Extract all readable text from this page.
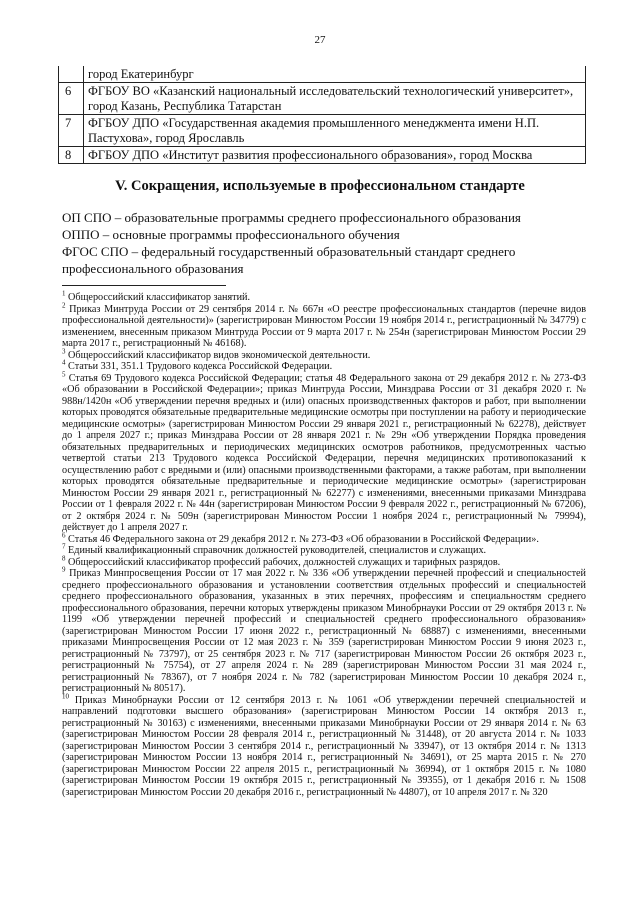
27
	город Екатеринбург
6	ФГБОУ ВО «Казанский национальный исследовательский технологический университет», город Казань, Республика Татарстан
7	ФГБОУ ДПО «Государственная академия промышленного менеджмента имени Н.П. Пастухова», город Ярославль
8	ФГБОУ ДПО «Институт развития профессионального образования», город Москва
V. Сокращения, используемые в профессиональном стандарте

ОП СПО – образовательные программы среднего профессионального образования

ОППО – основные программы профессионального обучения

ФГОС СПО – федеральный государственный образовательный стандарт среднего профессионального образования

$^1$ Общероссийский классификатор занятий.

$^2$ Приказ Минтруда России от 29 сентября 2014 г. № 667н «О реестре профессиональных стандартов (перечне видов профессиональной деятельности)» (зарегистрирован Минюстом России 19 ноября 2014 г., регистрационный № 34779) с изменением, внесенным приказом Минтруда России от 9 марта 2017 г. № 254н (зарегистрирован Минюстом России 29 марта 2017 г., регистрационный № 46168).

$^3$ Общероссийский классификатор видов экономической деятельности.

$^4$ Статьи 331, 351.1 Трудового кодекса Российской Федерации.

$^5$ Статья 69 Трудового кодекса Российской Федерации; статья 48 Федерального закона от 29 декабря 2012 г. № 273-ФЗ «Об образовании в Российской Федерации»; приказ Минтруда России, Минздрава России от 31 декабря 2020 г. № 988н/1420н «Об утверждении перечня вредных и (или) опасных производственных факторов и работ, при выполнении которых проводятся обязательные предварительные медицинские осмотры при поступлении на работу и периодические медицинские осмотры» (зарегистрирован Минюстом России 29 января 2021 г., регистрационный № 62278), действует до 1 апреля 2027 г.; приказ Минздрава России от 28 января 2021 г. № 29н «Об утверждении Порядка проведения обязательных предварительных и периодических медицинских осмотров работников, предусмотренных частью четвертой статьи 213 Трудового кодекса Российской Федерации, перечня медицинских противопоказаний к осуществлению работ с вредными и (или) опасными производственными факторами, а также работам, при выполнении которых проводятся обязательные предварительные и периодические медицинские осмотры» (зарегистрирован Минюстом России 29 января 2021 г., регистрационный № 62277) с изменениями, внесенными приказами Минздрава России от 1 февраля 2022 г. № 44н (зарегистрирован Минюстом России 9 февраля 2022 г., регистрационный № 67206), от 2 октября 2024 г. № 509н (зарегистрирован Минюстом России 1 ноября 2024 г., регистрационный № 79994), действует до 1 апреля 2027 г.

$^6$ Статья 46 Федерального закона от 29 декабря 2012 г. № 273-ФЗ «Об образовании в Российской Федерации».

$^7$ Единый квалификационный справочник должностей руководителей, специалистов и служащих.

$^8$ Общероссийский классификатор профессий рабочих, должностей служащих и тарифных разрядов.

$^9$ Приказ Минпросвещения России от 17 мая 2022 г. № 336 «Об утверждении перечней профессий и специальностей среднего профессионального образования и установлении соответствия отдельных профессий и специальностей среднего профессионального образования, указанных в этих перечнях, профессиям и специальностям среднего профессионального образования, перечни которых утверждены приказом Минобрнауки России от 29 октября 2013 г. № 1199 «Об утверждении перечней профессий и специальностей среднего профессионального образования» (зарегистрирован Минюстом России 17 июня 2022 г., регистрационный № 68887) с изменениями, внесенными приказами Минпросвещения России от 12 мая 2023 г. № 359 (зарегистрирован Минюстом России 9 июня 2023 г., регистрационный № 73797), от 25 сентября 2023 г. № 717 (зарегистрирован Минюстом России 26 октября 2023 г., регистрационный № 75754), от 27 апреля 2024 г. № 289 (зарегистрирован Минюстом России 31 мая 2024 г., регистрационный № 78367), от 7 ноября 2024 г. № 782 (зарегистрирован Минюстом России 10 декабря 2024 г., регистрационный № 80517).

$^{10}$ Приказ Минобрнауки России от 12 сентября 2013 г. № 1061 «Об утверждении перечней специальностей и направлений подготовки высшего образования» (зарегистрирован Минюстом России 14 октября 2013 г., регистрационный № 30163) с изменениями, внесенными приказами Минобрнауки России от 29 января 2014 г. № 63 (зарегистрирован Минюстом России 28 февраля 2014 г., регистрационный № 31448), от 20 августа 2014 г. № 1033 (зарегистрирован Минюстом России 3 сентября 2014 г., регистрационный № 33947), от 13 октября 2014 г. № 1313 (зарегистрирован Минюстом России 13 ноября 2014 г., регистрационный № 34691), от 25 марта 2015 г. № 270 (зарегистрирован Минюстом России 22 апреля 2015 г., регистрационный № 36994), от 1 октября 2015 г. № 1080 (зарегистрирован Минюстом России 19 октября 2015 г., регистрационный № 39355), от 1 декабря 2016 г. № 1508 (зарегистрирован Минюстом России 20 декабря 2016 г., регистрационный № 44807), от 10 апреля 2017 г. № 320
